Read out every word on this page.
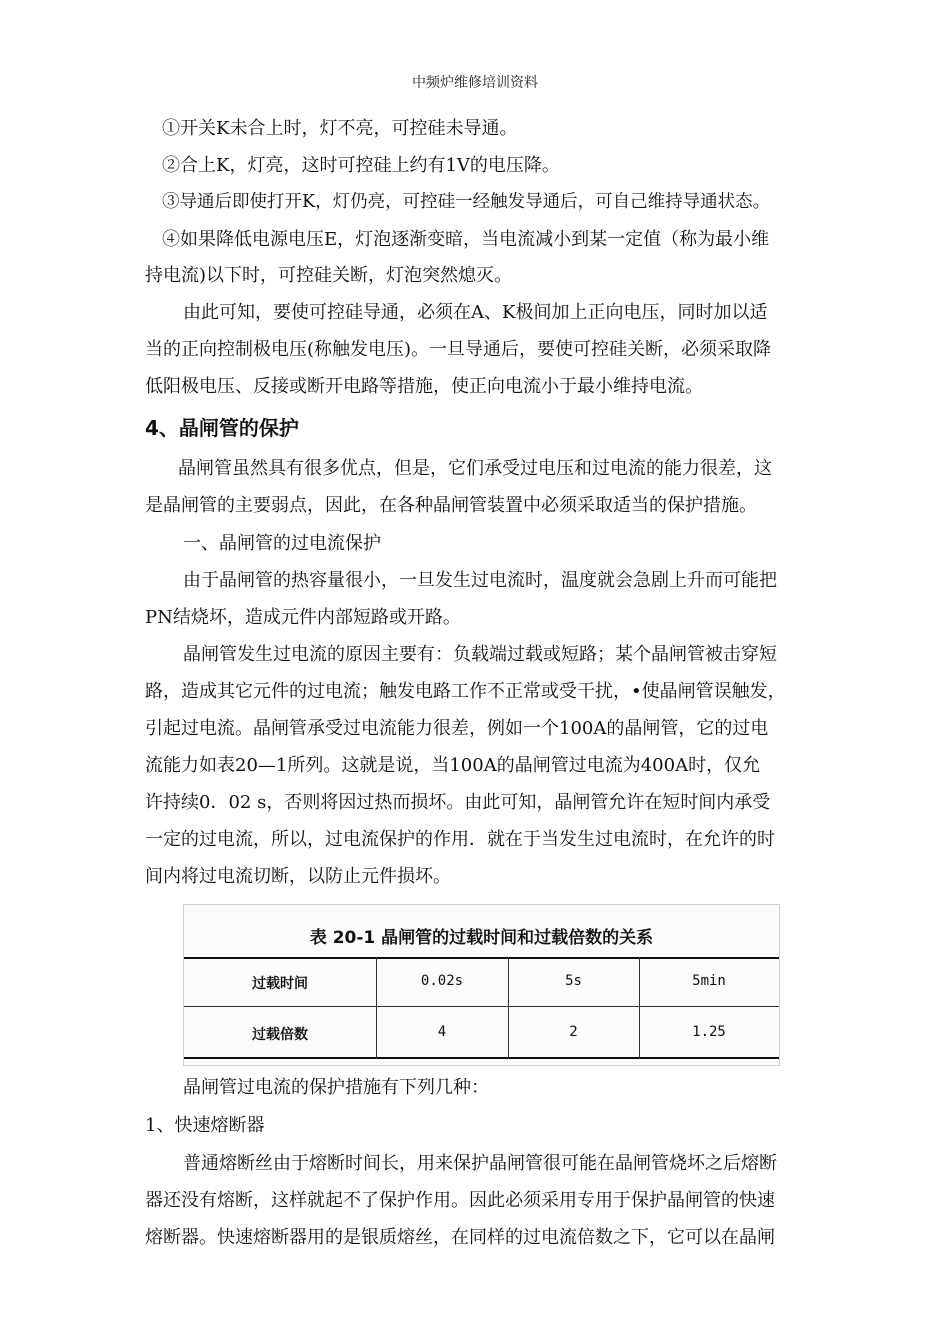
中频炉维修培训资料
①开关K未合上时，灯不亮，可控硅未导通。
②合上K，灯亮，这时可控硅上约有1V的电压降。
③导通后即使打开K，灯仍亮，可控硅一经触发导通后，可自己维持导通状态。
④如果降低电源电压E，灯泡逐渐变暗，当电流减小到某一定值（称为最小维
持电流)以下时，可控硅关断，灯泡突然熄灭。
由此可知，要使可控硅导通，必须在A、K极间加上正向电压，同时加以适
当的正向控制极电压(称触发电压)。一旦导通后，要使可控硅关断，必须采取降
低阳极电压、反接或断开电路等措施，使正向电流小于最小维持电流。
4、晶闸管的保护
晶闸管虽然具有很多优点，但是，它们承受过电压和过电流的能力很差，这
是晶闸管的主要弱点，因此，在各种晶闸管装置中必须采取适当的保护措施。
一、晶闸管的过电流保护
由于晶闸管的热容量很小，一旦发生过电流时，温度就会急剧上升而可能把
PN结烧坏，造成元件内部短路或开路。
晶闸管发生过电流的原因主要有：负载端过载或短路；某个晶闸管被击穿短
路，造成其它元件的过电流；触发电路工作不正常或受干扰，•使晶闸管误触发，
引起过电流。晶闸管承受过电流能力很差，例如一个100A的晶闸管，它的过电
流能力如表20—1所列。这就是说，当100A的晶闸管过电流为400A时，仅允
许持续0．02 s，否则将因过热而损坏。由此可知，晶闸管允许在短时间内承受
一定的过电流，所以，过电流保护的作用．就在于当发生过电流时，在允许的时
间内将过电流切断，以防止元件损坏。
表 20-1 晶闸管的过载时间和过载倍数的关系
过载时间	0.02s	5s	5min
过载倍数	4	2	1.25
晶闸管过电流的保护措施有下列几种：
1、快速熔断器
普通熔断丝由于熔断时间长，用来保护晶闸管很可能在晶闸管烧坏之后熔断
器还没有熔断，这样就起不了保护作用。因此必须采用专用于保护晶闸管的快速
熔断器。快速熔断器用的是银质熔丝，在同样的过电流倍数之下，它可以在晶闸
